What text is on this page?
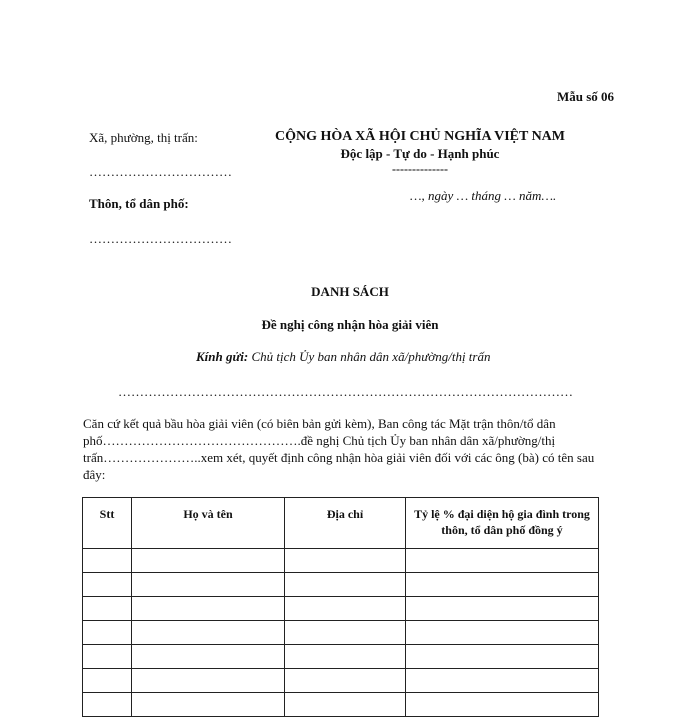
Mẫu số 06
Xã, phường, thị trấn:
……………………………
Thôn, tổ dân phố:
……………………………
CỘNG HÒA XÃ HỘI CHỦ NGHĨA VIỆT NAM
Độc lập - Tự do - Hạnh phúc
--------------
…, ngày … tháng … năm….
DANH SÁCH
Đề nghị công nhận hòa giải viên
Kính gửi: Chủ tịch Ủy ban nhân dân xã/phường/thị trấn
……………………………………………………………………………………………
Căn cứ kết quả bầu hòa giải viên (có biên bản gửi kèm), Ban công tác Mặt trận thôn/tổ dân phố……………………………………….đề nghị Chủ tịch Ủy ban nhân dân xã/phường/thị trấn…………………..xem xét, quyết định công nhận hòa giải viên đối với các ông (bà) có tên sau đây:
Stt	Họ và tên	Địa chỉ	Tỷ lệ % đại diện hộ gia đình trong thôn, tổ dân phố đồng ý
